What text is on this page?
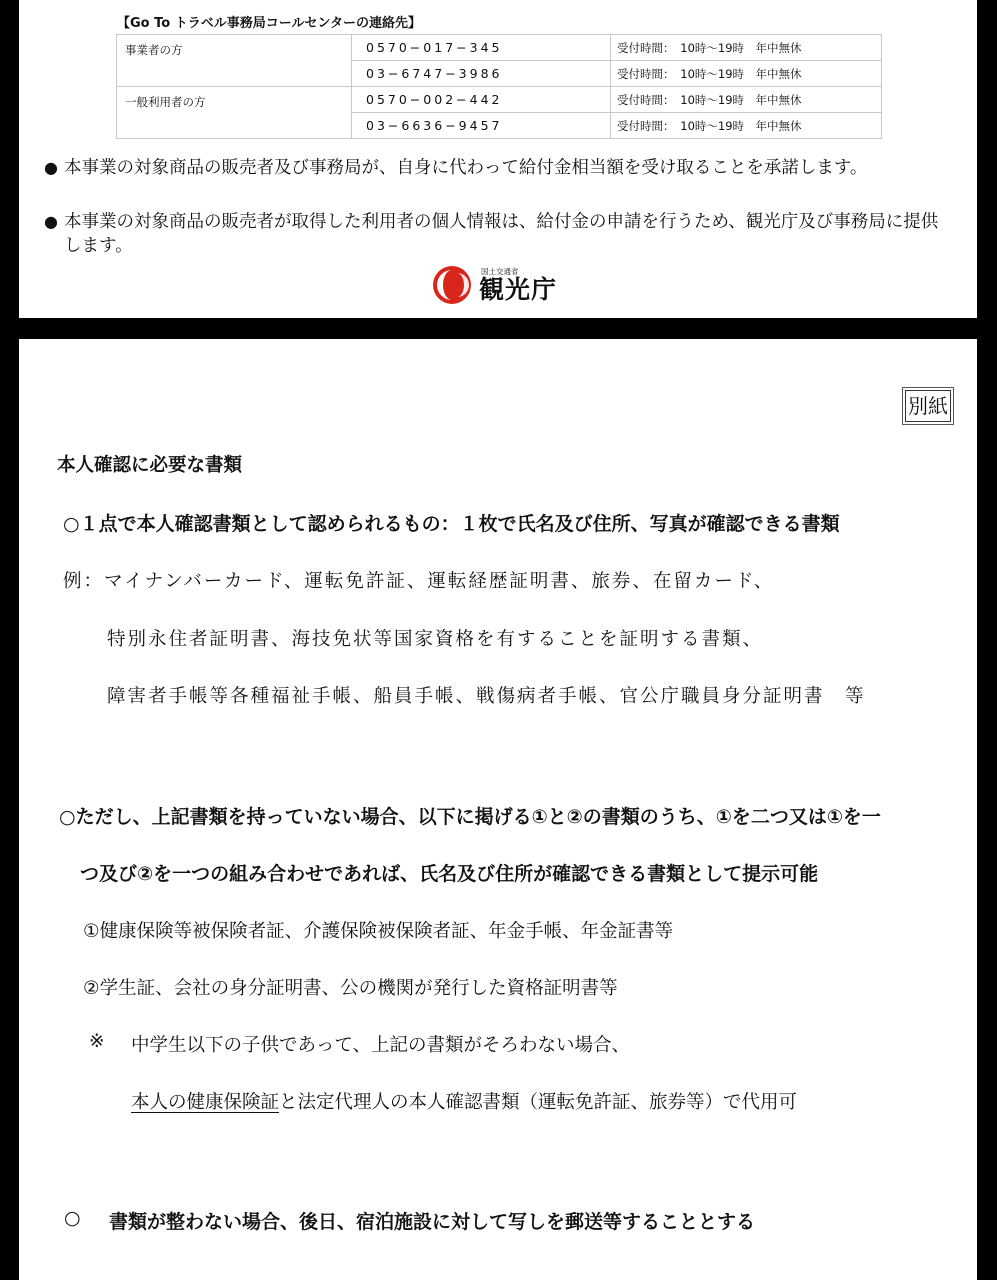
【Go To トラベル事務局コールセンターの連絡先】
事業者の方	0570−017−345	受付時間：　10時〜19時　年中無休
	03−6747−3986	受付時間：　10時〜19時　年中無休
一般利用者の方	0570−002−442	受付時間：　10時〜19時　年中無休
	03−6636−9457	受付時間：　10時〜19時　年中無休
● 本事業の対象商品の販売者及び事務局が、自身に代わって給付金相当額を受け取ることを承諾します。
● 本事業の対象商品の販売者が取得した利用者の個人情報は、給付金の申請を行うため、観光庁及び事務局に提供します。
国土交通省
観光庁
別紙
本人確認に必要な書類
○１点で本人確認書類として認められるもの：１枚で氏名及び住所、写真が確認できる書類
例：マイナンバーカード、運転免許証、運転経歴証明書、旅券、在留カード、
特別永住者証明書、海技免状等国家資格を有することを証明する書類、
障害者手帳等各種福祉手帳、船員手帳、戦傷病者手帳、官公庁職員身分証明書　等
○ただし、上記書類を持っていない場合、以下に掲げる①と②の書類のうち、①を二つ又は①を一
つ及び②を一つの組み合わせであれば、氏名及び住所が確認できる書類として提示可能
①健康保険等被保険者証、介護保険被保険者証、年金手帳、年金証書等
②学生証、会社の身分証明書、公の機関が発行した資格証明書等
※ 中学生以下の子供であって、上記の書類がそろわない場合、
本人の健康保険証と法定代理人の本人確認書類（運転免許証、旅券等）で代用可
○ 書類が整わない場合、後日、宿泊施設に対して写しを郵送等することとする
